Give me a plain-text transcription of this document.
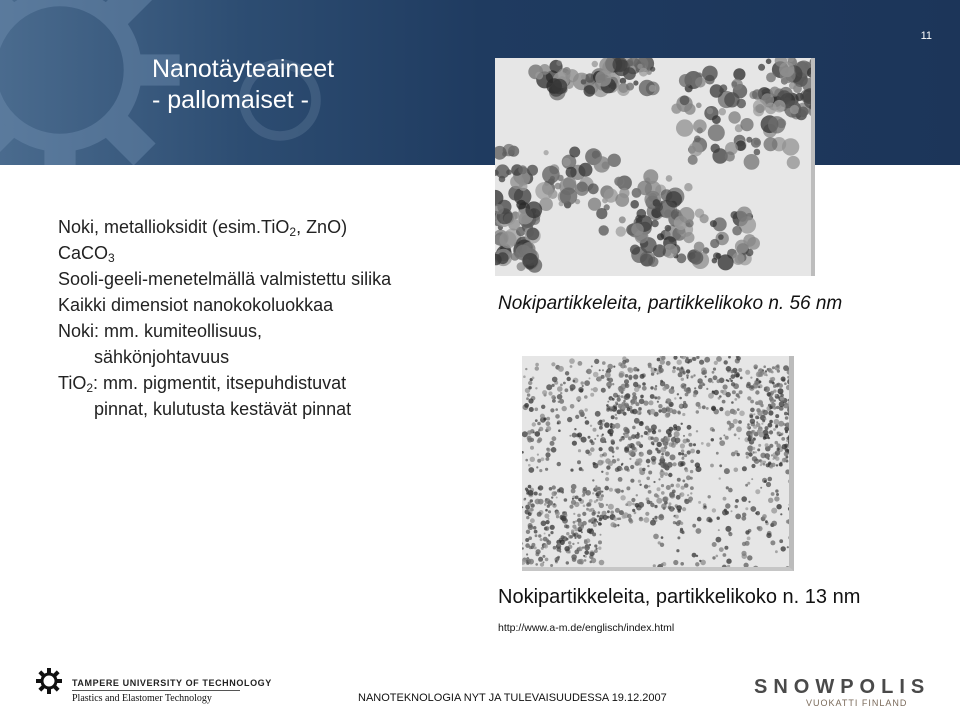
11
Nanotäyteaineet
- pallomaiset -
Noki, metallioksidit (esim.TiO$_2$, ZnO)
CaCO$_3$
Sooli-geeli-menetelmällä valmistettu silika
Kaikki dimensiot nanokokoluokkaa
Noki: mm. kumiteollisuus,
sähkönjohtavuus
TiO$_2$: mm. pigmentit, itsepuhdistuvat
pinnat, kulutusta kestävät pinnat
Nokipartikkeleita, partikkelikoko n. 56 nm
Nokipartikkeleita, partikkelikoko n. 13 nm
http://www.a-m.de/englisch/index.html
TAMPERE UNIVERSITY OF TECHNOLOGY
Plastics and Elastomer Technology	NANOTEKNOLOGIA NYT JA TULEVAISUUDESSA 19.12.2007	SNOWPOLIS
VUOKATTI FINLAND
